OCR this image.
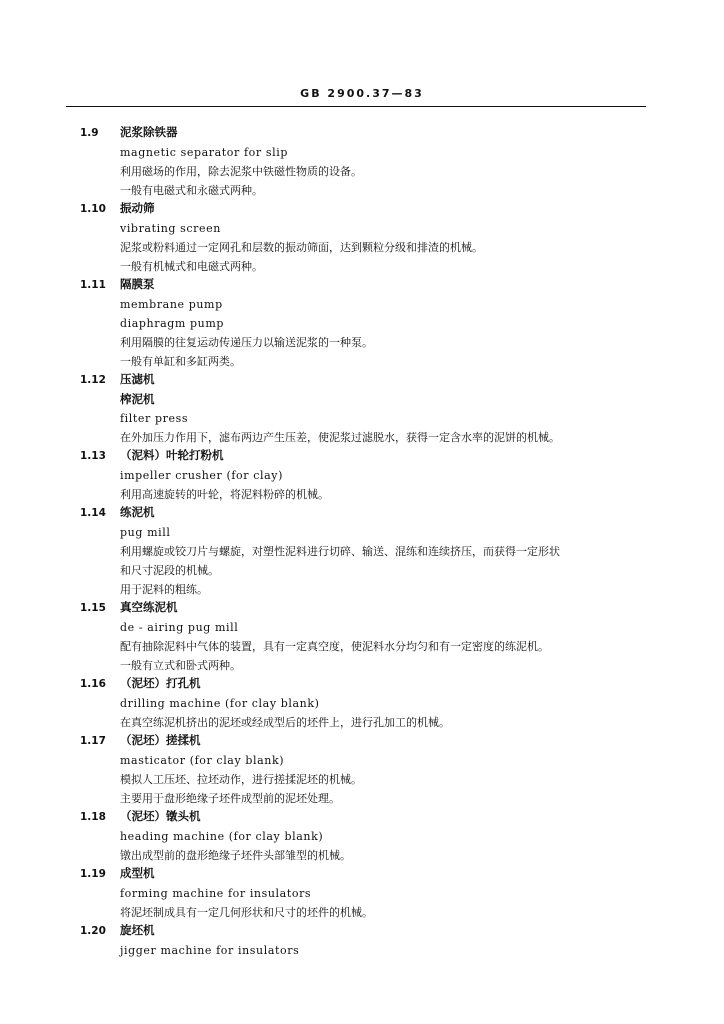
GB 2900.37—83
1.9	泥浆除铁器
magnetic separator for slip
利用磁场的作用，除去泥浆中铁磁性物质的设备。
一般有电磁式和永磁式两种。
1.10	振动筛
vibrating screen
泥浆或粉料通过一定网孔和层数的振动筛面，达到颗粒分级和排渣的机械。
一般有机械式和电磁式两种。
1.11	隔膜泵
membrane pump
diaphragm pump
利用隔膜的往复运动传递压力以输送泥浆的一种泵。
一般有单缸和多缸两类。
1.12	压滤机
榨泥机
filter press
在外加压力作用下，滤布两边产生压差，使泥浆过滤脱水，获得一定含水率的泥饼的机械。
1.13	（泥料）叶轮打粉机
impeller crusher (for clay)
利用高速旋转的叶轮，将泥料粉碎的机械。
1.14	练泥机
pug mill
利用螺旋或铰刀片与螺旋，对塑性泥料进行切碎、输送、混练和连续挤压，而获得一定形状
和尺寸泥段的机械。
用于泥料的粗练。
1.15	真空练泥机
de - airing pug mill
配有抽除泥料中气体的装置，具有一定真空度，使泥料水分均匀和有一定密度的练泥机。
一般有立式和卧式两种。
1.16	（泥坯）打孔机
drilling machine (for clay blank)
在真空练泥机挤出的泥坯或经成型后的坯件上，进行孔加工的机械。
1.17	（泥坯）搓揉机
masticator (for clay blank)
模拟人工压坯、拉坯动作，进行搓揉泥坯的机械。
主要用于盘形绝缘子坯件成型前的泥坯处理。
1.18	（泥坯）镦头机
heading machine (for clay blank)
镦出成型前的盘形绝缘子坯件头部雏型的机械。
1.19	成型机
forming machine for insulators
将泥坯制成具有一定几何形状和尺寸的坯件的机械。
1.20	旋坯机
jigger machine for insulators
